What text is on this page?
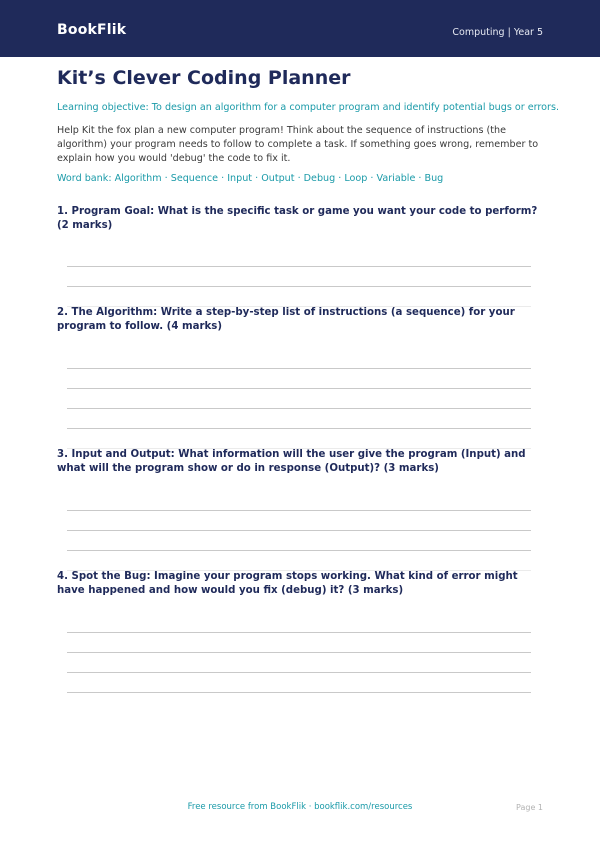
BookFlik	Computing | Year 5
Kit’s Clever Coding Planner
Learning objective: To design an algorithm for a computer program and identify potential bugs or errors.
Help Kit the fox plan a new computer program! Think about the sequence of instructions (the algorithm) your program needs to follow to complete a task. If something goes wrong, remember to explain how you would 'debug' the code to fix it.
Word bank: Algorithm · Sequence · Input · Output · Debug · Loop · Variable · Bug
1. Program Goal: What is the specific task or game you want your code to perform? (2 marks)
2. The Algorithm: Write a step-by-step list of instructions (a sequence) for your program to follow. (4 marks)
3. Input and Output: What information will the user give the program (Input) and what will the program show or do in response (Output)? (3 marks)
4. Spot the Bug: Imagine your program stops working. What kind of error might have happened and how would you fix (debug) it? (3 marks)
Free resource from BookFlik · bookflik.com/resources	Page 1
